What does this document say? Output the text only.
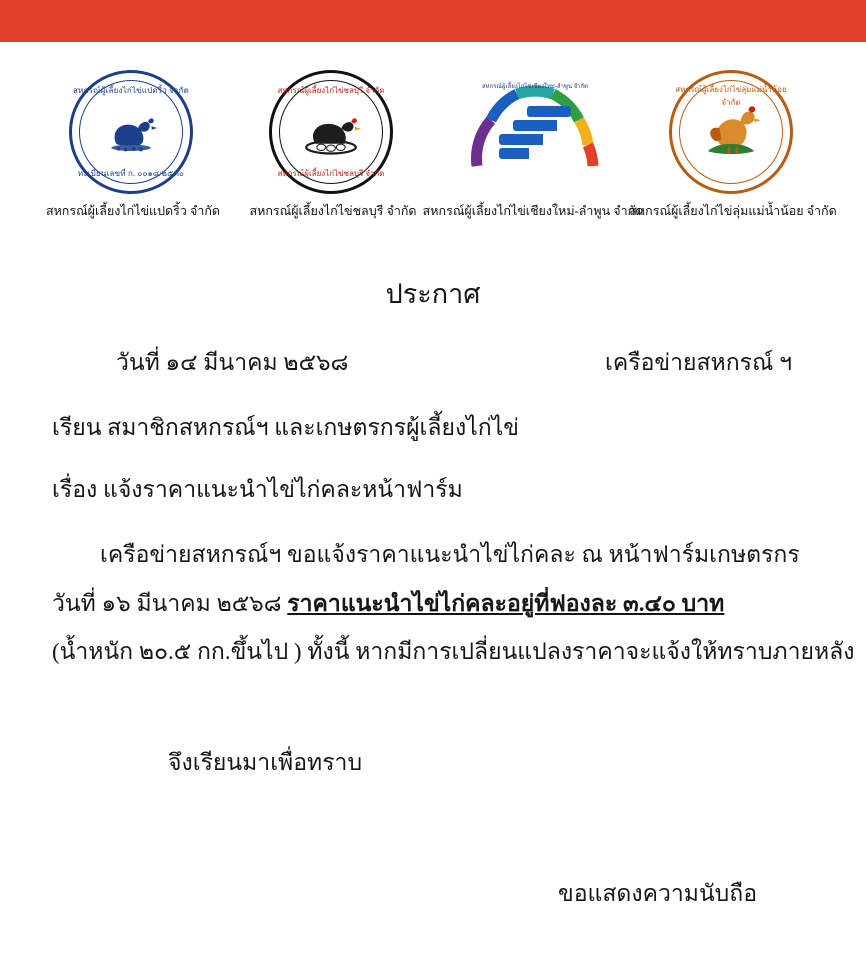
สหกรณ์ผู้เลี้ยงไก่ไข่แปดริ้ว จำกัด
ทะเบียนเลขที่ ก. ๐๐๑๘/๒๕๓๐
สหกรณ์ผู้เลี้ยงไก่ไข่แปดริ้ว จำกัด
สหกรณ์ผู้เลี้ยงไก่ไข่ชลบุรี จำกัด
สหกรณ์ผู้เลี้ยงไก่ไข่ชลบุรี จำกัด
สหกรณ์ผู้เลี้ยงไก่ไข่ชลบุรี จำกัด
สหกรณ์ผู้เลี้ยงไก่ไข่เชียงใหม่-ลำพูน จำกัด
สหกรณ์ผู้เลี้ยงไก่ไข่เชียงใหม่-ลำพูน จำกัด
สหกรณ์ผู้เลี้ยงไก่ไข่ลุ่มแม่น้ำน้อย จำกัด
สหกรณ์ผู้เลี้ยงไก่ไข่ลุ่มแม่น้ำน้อย จำกัด
ประกาศ
วันที่ ๑๔ มีนาคม ๒๕๖๘	เครือข่ายสหกรณ์ ฯ
เรียน สมาชิกสหกรณ์ฯ และเกษตรกรผู้เลี้ยงไก่ไข่
เรื่อง แจ้งราคาแนะนำไข่ไก่คละหน้าฟาร์ม
เครือข่ายสหกรณ์ฯ ขอแจ้งราคาแนะนำไข่ไก่คละ ณ หน้าฟาร์มเกษตรกร
วันที่ ๑๖ มีนาคม ๒๕๖๘ ราคาแนะนำไข่ไก่คละอยู่ที่ฟองละ ๓.๔๐ บาท
(น้ำหนัก ๒๐.๕ กก.ขึ้นไป ) ทั้งนี้ หากมีการเปลี่ยนแปลงราคาจะแจ้งให้ทราบภายหลัง
จึงเรียนมาเพื่อทราบ
ขอแสดงความนับถือ
